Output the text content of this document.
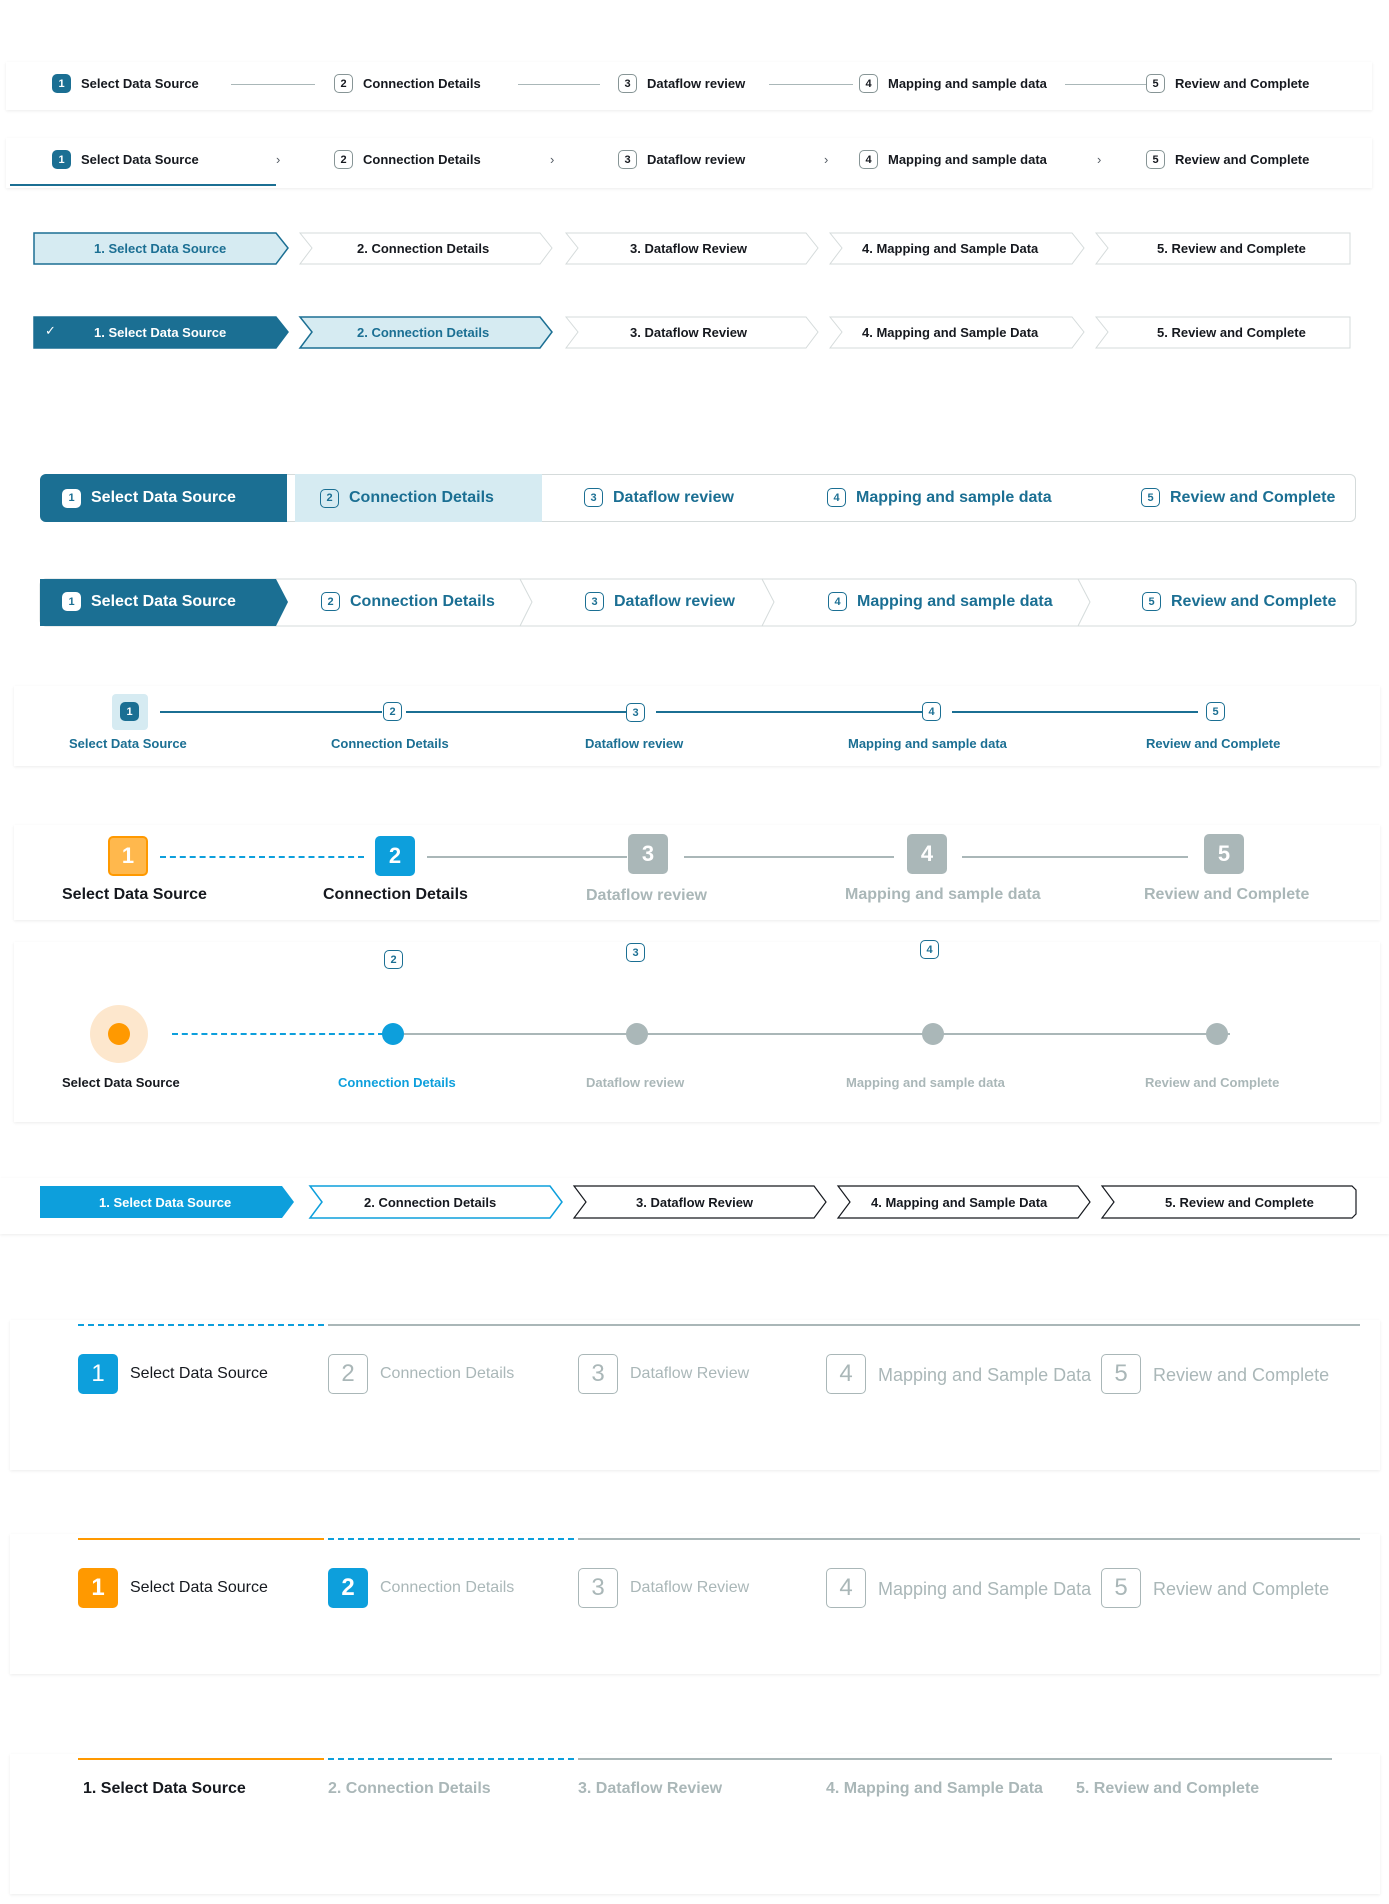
1	Select Data Source	2	Connection Details	3	Dataflow review	4	Mapping and sample data	5	Review and Complete
1	Select Data Source	›	2	Connection Details	›	3	Dataflow review	›	4	Mapping and sample data	›	5	Review and Complete
1. Select Data Source	2. Connection Details	3. Dataflow Review	4. Mapping and Sample Data	5. Review and Complete
✓	1. Select Data Source	2. Connection Details	3. Dataflow Review	4. Mapping and Sample Data	5. Review and Complete
1	Select Data Source	2	Connection Details	3	Dataflow review	4	Mapping and sample data	5	Review and Complete
1	Select Data Source	2	Connection Details	3	Dataflow review	4	Mapping and sample data	5	Review and Complete
1	2	3	4	5
Select Data Source	Connection Details	Dataflow review	Mapping and sample data	Review and Complete
1	2	3	4	5
Select Data Source	Connection Details	Dataflow review	Mapping and sample data	Review and Complete
2
3	4
Select Data Source	Connection Details	Dataflow review	Mapping and sample data	Review and Complete
1. Select Data Source	2. Connection Details	3. Dataflow Review	4. Mapping and Sample Data	5. Review and Complete
1	Select Data Source	2	Connection Details	3	Dataflow Review	4	Mapping and Sample Data 5	Review and Complete
1	Select Data Source	2	Connection Details	3	Dataflow Review	4	Mapping and Sample Data 5	Review and Complete
1. Select Data Source	2. Connection Details	3. Dataflow Review	4. Mapping and Sample Data 5. Review and Complete
